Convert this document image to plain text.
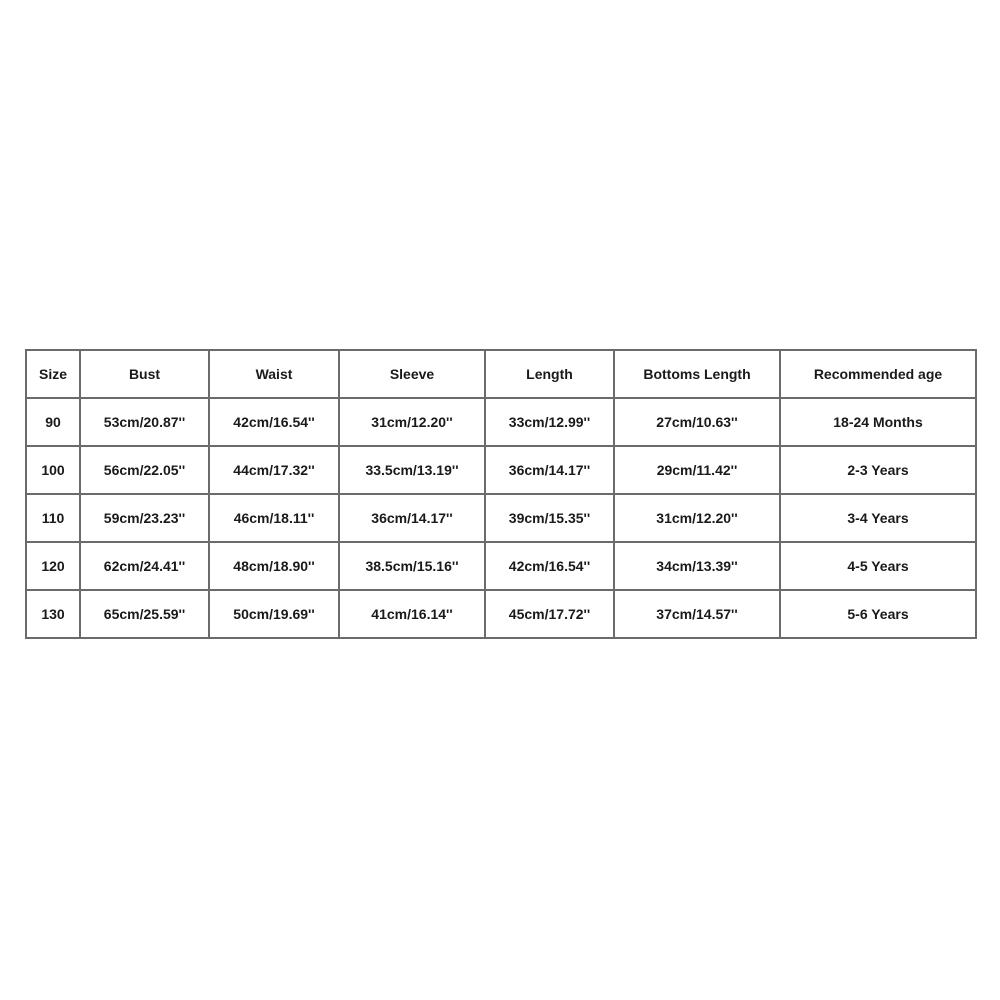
Size	Bust	Waist	Sleeve	Length	Bottoms Length	Recommended age
90	53cm/20.87''	42cm/16.54''	31cm/12.20''	33cm/12.99''	27cm/10.63''	18-24 Months
100	56cm/22.05''	44cm/17.32''	33.5cm/13.19''	36cm/14.17''	29cm/11.42''	2-3 Years
110	59cm/23.23''	46cm/18.11''	36cm/14.17''	39cm/15.35''	31cm/12.20''	3-4 Years
120	62cm/24.41''	48cm/18.90''	38.5cm/15.16''	42cm/16.54''	34cm/13.39''	4-5 Years
130	65cm/25.59''	50cm/19.69''	41cm/16.14''	45cm/17.72''	37cm/14.57''	5-6 Years
